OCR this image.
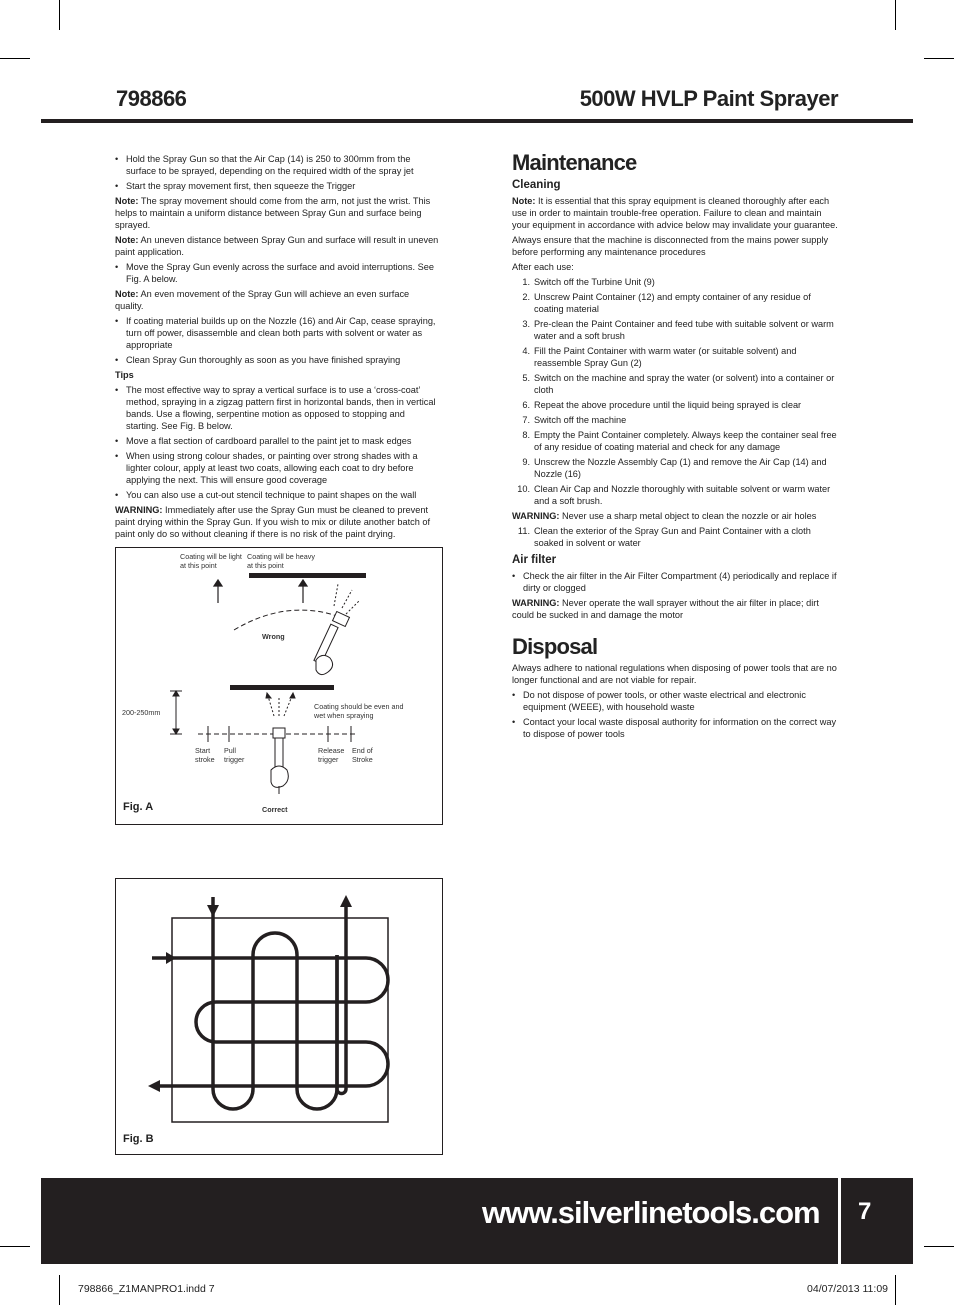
798866	500W HVLP Paint Sprayer
• Hold the Spray Gun so that the Air Cap (14) is 250 to 300mm from the surface to be sprayed, depending on the required width of the spray jet
• Start the spray movement first, then squeeze the Trigger

Note: The spray movement should come from the arm, not just the wrist. This helps to maintain a uniform distance between Spray Gun and surface being sprayed.

Note: An uneven distance between Spray Gun and surface will result in uneven paint application.

• Move the Spray Gun evenly across the surface and avoid interruptions. See Fig. A below.

Note: An even movement of the Spray Gun will achieve an even surface quality.

• If coating material builds up on the Nozzle (16) and Air Cap, cease spraying, turn off power, disassemble and clean both parts with solvent or water as appropriate
• Clean Spray Gun thoroughly as soon as you have finished spraying

Tips

• The most effective way to spray a vertical surface is to use a ‘cross-coat’ method, spraying in a zigzag pattern first in horizontal bands, then in vertical bands. Use a flowing, serpentine motion as opposed to stopping and starting. See Fig. B below.
• Move a flat section of cardboard parallel to the paint jet to mask edges
• When using strong colour shades, or painting over strong shades with a lighter colour, apply at least two coats, allowing each coat to dry before applying the next. This will ensure good coverage
• You can also use a cut-out stencil technique to paint shapes on the wall

WARNING: Immediately after use the Spray Gun must be cleaned to prevent paint drying within the Spray Gun. If you wish to mix or dilute another batch of paint only do so without cleaning if there is no risk of the paint drying.

Coating will be light at this point
Coating will be heavy at this point
Wrong
200-250mm
Coating should be even and wet when spraying
Start stroke
Pull trigger
Release trigger
End of Stroke
Correct
Fig. A
Fig. B

Maintenance

Cleaning

Note: It is essential that this spray equipment is cleaned thoroughly after each use in order to maintain trouble-free operation. Failure to clean and maintain your equipment in accordance with advice below may invalidate your guarantee.

Always ensure that the machine is disconnected from the mains power supply before performing any maintenance procedures

After each use:

1. Switch off the Turbine Unit (9)
2. Unscrew Paint Container (12) and empty container of any residue of coating material
3. Pre-clean the Paint Container and feed tube with suitable solvent or warm water and a soft brush
4. Fill the Paint Container with warm water (or suitable solvent) and reassemble Spray Gun (2)
5. Switch on the machine and spray the water (or solvent) into a container or cloth
6. Repeat the above procedure until the liquid being sprayed is clear
7. Switch off the machine
8. Empty the Paint Container completely. Always keep the container seal free of any residue of coating material and check for any damage
9. Unscrew the Nozzle Assembly Cap (1) and remove the Air Cap (14) and Nozzle (16)
10. Clean Air Cap and Nozzle thoroughly with suitable solvent or warm water and a soft brush.

WARNING: Never use a sharp metal object to clean the nozzle or air holes

11. Clean the exterior of the Spray Gun and Paint Container with a cloth soaked in solvent or water

Air filter

• Check the air filter in the Air Filter Compartment (4) periodically and replace if dirty or clogged

WARNING: Never operate the wall sprayer without the air filter in place; dirt could be sucked in and damage the motor

Disposal

Always adhere to national regulations when disposing of power tools that are no longer functional and are not viable for repair.

• Do not dispose of power tools, or other waste electrical and electronic equipment (WEEE), with household waste
• Contact your local waste disposal authority for information on the correct way to dispose of power tools
www.silverlinetools.com 7
798866_Z1MANPRO1.indd 7	04/07/2013 11:09
